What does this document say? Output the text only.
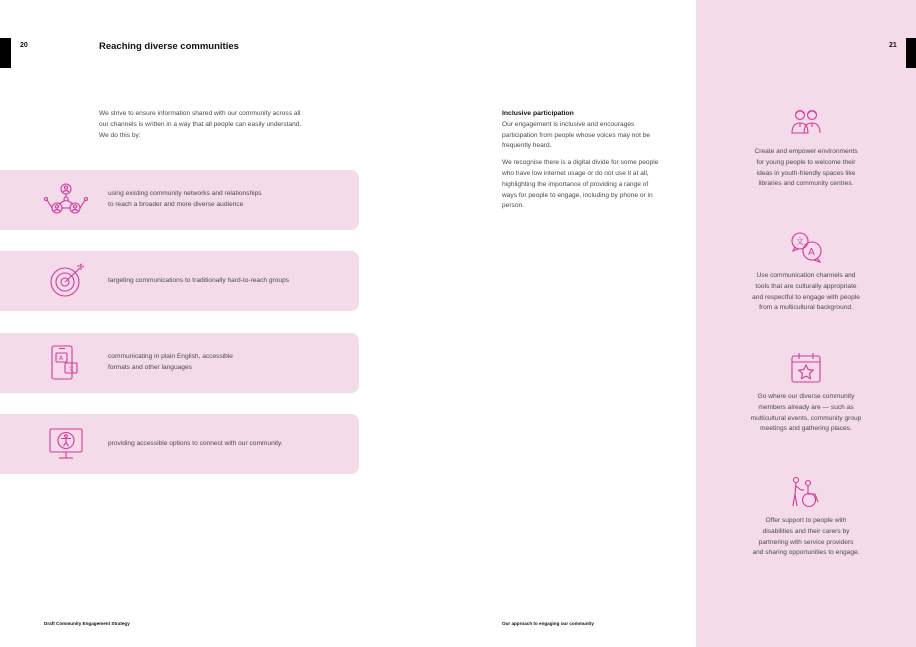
20	Reaching diverse communities
We strive to ensure information shared with our community across all our channels is written in a way that all people can easily understand. We do this by:
using existing community networks and relationships
to reach a broader and more diverse audience
targeting communications to traditionally hard-to-reach groups
A
文
communicating in plain English, accessible
formats and other languages
providing accessible options to connect with our community.
Draft Community Engagement Strategy
Inclusive participation

Our engagement is inclusive and encourages participation from people whose voices may not be frequently heard.

We recognise there is a digital divide for some people who have low internet usage or do not use it at all, highlighting the importance of providing a range of ways for people to engage, including by phone or in person.

Our approach to engaging our community
Create and empower environments
for young people to welcome their
ideas in youth-friendly spaces like
libraries and community centres.
文
A
Use communication channels and
tools that are culturally appropriate
and respectful to engage with people
from a multicultural background.
Go where our diverse community
members already are — such as
multicultural events, community group
meetings and gathering places.
Offer support to people with
disabilities and their carers by
partnering with service providers
and sharing opportunities to engage.
21
